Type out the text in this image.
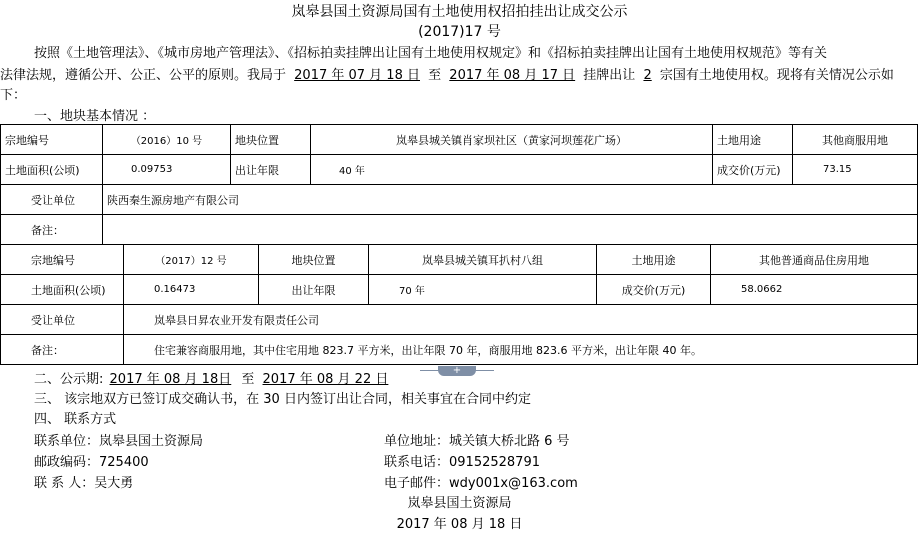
岚皋县国土资源局国有土地使用权招拍挂出让成交公示
(2017)17 号
按照《土地管理法》、《城市房地产管理法》、《招标拍卖挂牌出让国有土地使用权规定》和《招标拍卖挂牌出让国有土地使用权规范》等有关
法律法规，遵循公开、公正、公平的原则。我局于 2017 年 07 月 18 日 至 2017 年 08 月 17 日 挂牌出让 2 宗国有土地使用权。现将有关情况公示如
下：
一、地块基本情况 ：
宗地编号	（2016）10 号	地块位置	岚皋县城关镇肖家坝社区（黄家河坝莲花广场）	土地用途	其他商服用地
土地面积(公顷)	0.09753	出让年限	40 年	成交价(万元)	73.15
受让单位	陕西秦生源房地产有限公司				
备注：					
宗地编号	（2017）12 号	地块位置	岚皋县城关镇耳扒村八组	土地用途	其他普通商品住房用地
土地面积(公顷)	0.16473	出让年限	70 年	成交价(万元)	58.0662
受让单位	岚皋县日昇农业开发有限责任公司				
备注：	住宅兼容商服用地，其中住宅用地 823.7 平方米，出让年限 70 年，商服用地 823.6 平方米，出让年限 40 年。				
+
二、公示期: 2017 年 08 月 18日 至 2017 年 08 月 22 日
三、 该宗地双方已签订成交确认书，在 30 日内签订出让合同，相关事宜在合同中约定
四、 联系方式
联系单位：岚皋县国土资源局	单位地址：城关镇大桥北路 6 号
邮政编码：725400	联系电话：09152528791
联 系 人：吴大勇	电子邮件：wdy001x@163.com
岚皋县国土资源局
2017 年 08 月 18 日
